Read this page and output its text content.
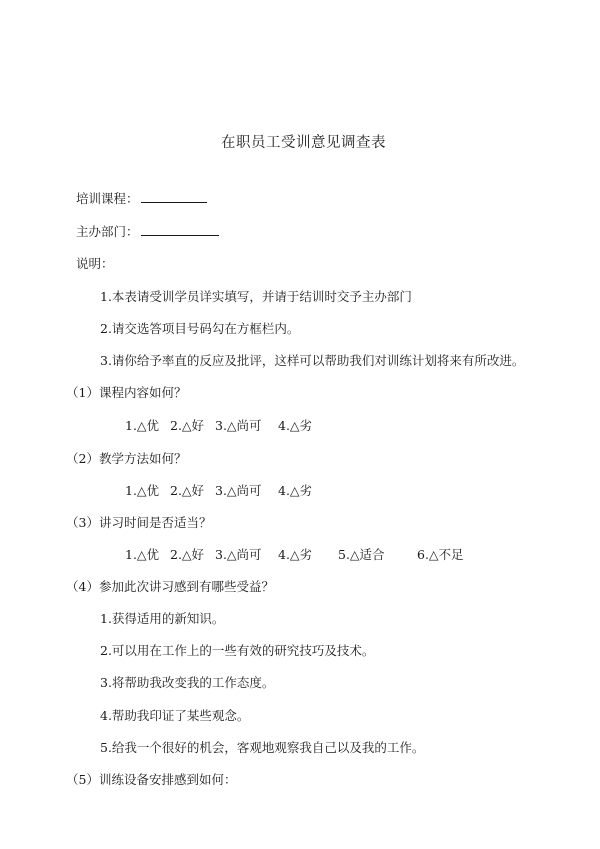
在职员工受训意见调查表
培训课程：
主办部门：
说明：
1.本表请受训学员详实填写，并请于结训时交予主办部门
2.请交选答项目号码勾在方框栏内。
3.请你给予率直的反应及批评，这样可以帮助我们对训练计划将来有所改进。
（1）课程内容如何？
1.△优 2.△好 3.△尚可 4.△劣
（2）教学方法如何？
1.△优 2.△好 3.△尚可 4.△劣
（3）讲习时间是否适当？
1.△优 2.△好 3.△尚可 4.△劣 5.△适合	6.△不足
（4）参加此次讲习感到有哪些受益？
1.获得适用的新知识。
2.可以用在工作上的一些有效的研究技巧及技术。
3.将帮助我改变我的工作态度。
4.帮助我印证了某些观念。
5.给我一个很好的机会，客观地观察我自己以及我的工作。
（5）训练设备安排感到如何：
